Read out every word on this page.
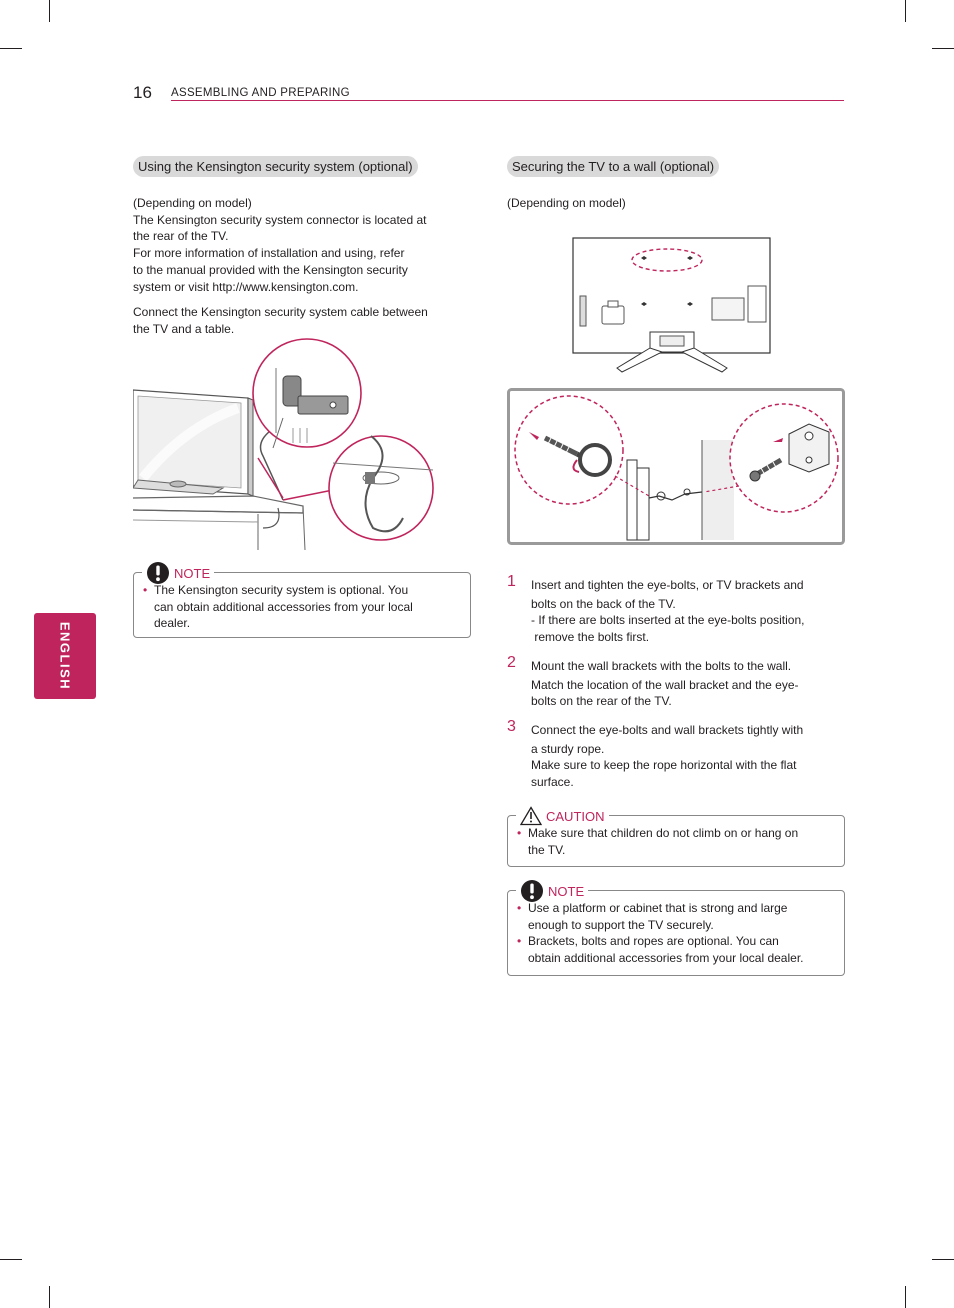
16 ASSEMBLING AND PREPARING
ENGLISH
Using the Kensington security system (optional)

(Depending on model)

The Kensington security system connector is located at

the rear of the TV.

For more information of installation and using, refer

to the manual provided with the Kensington security

system or visit http://www.kensington.com.

Connect the Kensington security system cable between

the TV and a table.

NOTE
• The Kensington security system is optional. You
can obtain additional accessories from your local
dealer.
Securing the TV to a wall (optional)
(Depending on model)
1 Insert and tighten the eye-bolts, or TV brackets and
bolts on the back of the TV.
- If there are bolts inserted at the eye-bolts position,
remove the bolts first.
2 Mount the wall brackets with the bolts to the wall.
Match the location of the wall bracket and the eye-
bolts on the rear of the TV.
3 Connect the eye-bolts and wall brackets tightly with
a sturdy rope.
Make sure to keep the rope horizontal with the flat
surface.
CAUTION
• Make sure that children do not climb on or hang on
the TV.
NOTE
• Use a platform or cabinet that is strong and large
enough to support the TV securely.
• Brackets, bolts and ropes are optional. You can
obtain additional accessories from your local dealer.
